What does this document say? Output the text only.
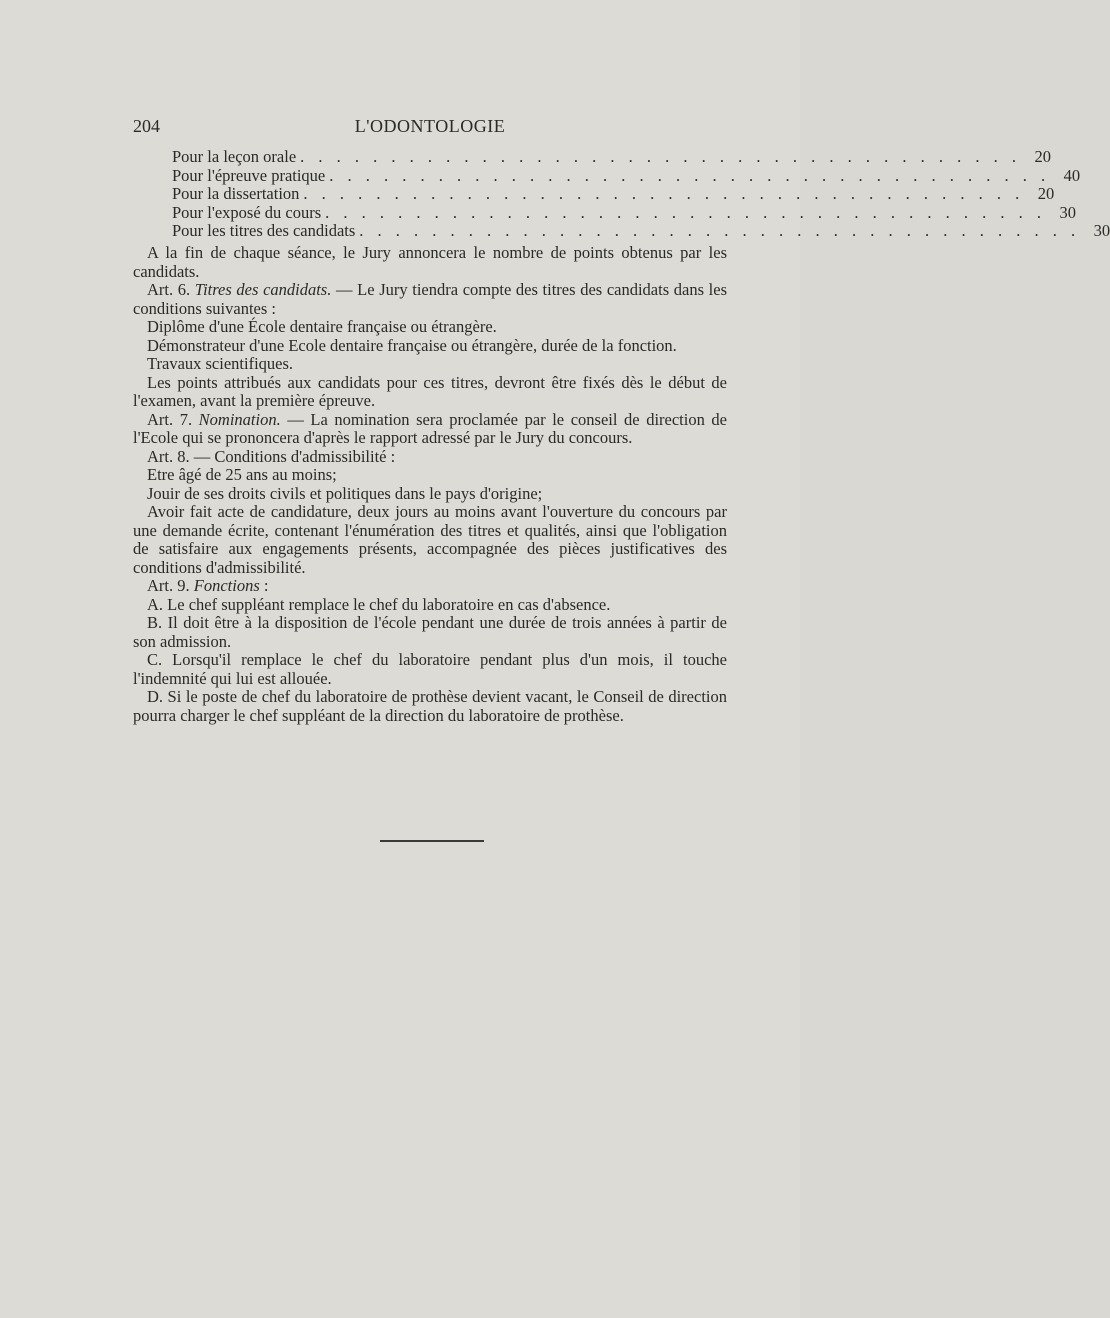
204	L'ODONTOLOGIE
Pour la leçon orale . . . . . . . . . . . . . . . . . . . . . . . . . . . . . . . . . . . . . . . . 20
Pour l'épreuve pratique . . . . . . . . . . . . . . . . . . . . . . . . . . . . . . . . . . . . . . . . 40
Pour la dissertation . . . . . . . . . . . . . . . . . . . . . . . . . . . . . . . . . . . . . . . . 20
Pour l'exposé du cours . . . . . . . . . . . . . . . . . . . . . . . . . . . . . . . . . . . . . . . . 30
Pour les titres des candidats . . . . . . . . . . . . . . . . . . . . . . . . . . . . . . . . . . . . . . . . 30

A la fin de chaque séance, le Jury annoncera le nombre de points obtenus par les candidats.

Art. 6. Titres des candidats. — Le Jury tiendra compte des titres des candidats dans les conditions suivantes :

Diplôme d'une École dentaire française ou étrangère.

Démonstrateur d'une Ecole dentaire française ou étrangère, durée de la fonction.

Travaux scientifiques.

Les points attribués aux candidats pour ces titres, devront être fixés dès le début de l'examen, avant la première épreuve.

Art. 7. Nomination. — La nomination sera proclamée par le conseil de direction de l'Ecole qui se prononcera d'après le rapport adressé par le Jury du concours.

Art. 8. — Conditions d'admissibilité :

Etre âgé de 25 ans au moins;

Jouir de ses droits civils et politiques dans le pays d'origine;

Avoir fait acte de candidature, deux jours au moins avant l'ouverture du concours par une demande écrite, contenant l'énumération des titres et qualités, ainsi que l'obligation de satisfaire aux engagements présents, accompagnée des pièces justificatives des conditions d'admissibilité.

Art. 9. Fonctions :

A. Le chef suppléant remplace le chef du laboratoire en cas d'absence.

B. Il doit être à la disposition de l'école pendant une durée de trois années à partir de son admission.

C. Lorsqu'il remplace le chef du laboratoire pendant plus d'un mois, il touche l'indemnité qui lui est allouée.

D. Si le poste de chef du laboratoire de prothèse devient vacant, le Conseil de direction pourra charger le chef suppléant de la direction du laboratoire de prothèse.
